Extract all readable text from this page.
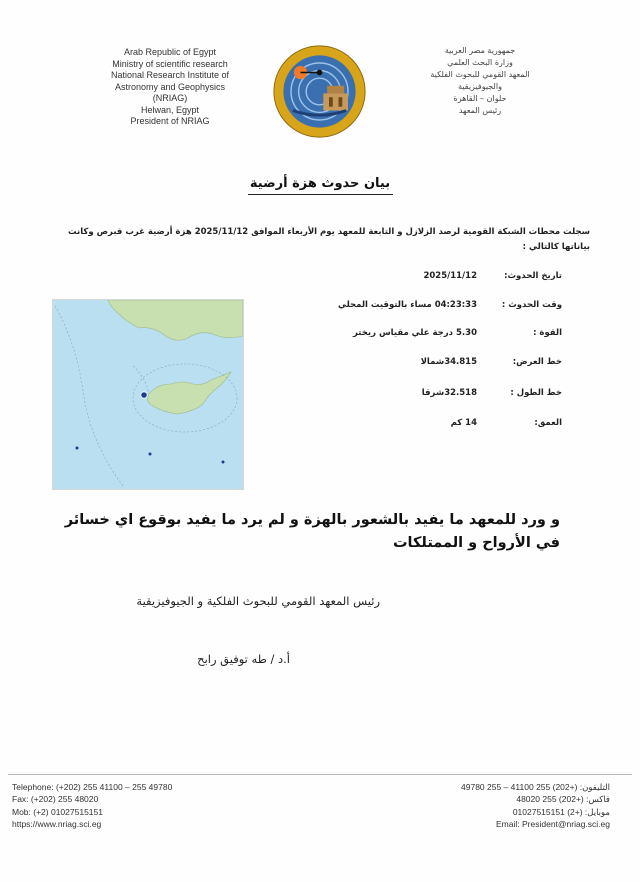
Arab Republic of Egypt
Ministry of scientific research
National Research Institute of
Astronomy and Geophysics
(NRIAG)
Helwan, Egypt
President of NRIAG
جمهورية مصر العربية
وزارة البحث العلمي
المعهد القومي للبحوث الفلكية
والجيوفيزيقية
حلوان – القاهرة
رئيس المعهد
بيان حدوث هزة أرضية
سجلت محطات الشبكة القومية لرصد الزلازل و التابعة للمعهد يوم الأربعاء الموافق 2025/11/12 هزة أرضية غرب قبرص وكانت بياناتها كالتالي :
تاريخ الحدوث:
2025/11/12
وقت الحدوث :
04:23:33 مساء بالتوقيت المحلي
القوة :
5.30 درجة علي مقياس ريختر
خط العرض:
34.815شمالا
خط الطول :
32.518شرقا
العمق:
14 كم
و ورد للمعهد ما يفيد بالشعور بالهزة و لم يرد ما يفيد بوقوع اي خسائر في الأرواح و الممتلكات
رئيس المعهد القومي للبحوث الفلكية و الجيوفيزيقية
أ.د / طه توفيق رابح
Telephone: (+202) 255 41100 – 255 49780
Fax: (+202) 255 48020
Mob: (+2) 01027515151
https://www.nriag.sci.eg
التليفون: (+202) 255 41100 – 255 49780
فاكس: (+202) 255 48020
موبايل: (+2) 01027515151
Email: President@nriag.sci.eg
